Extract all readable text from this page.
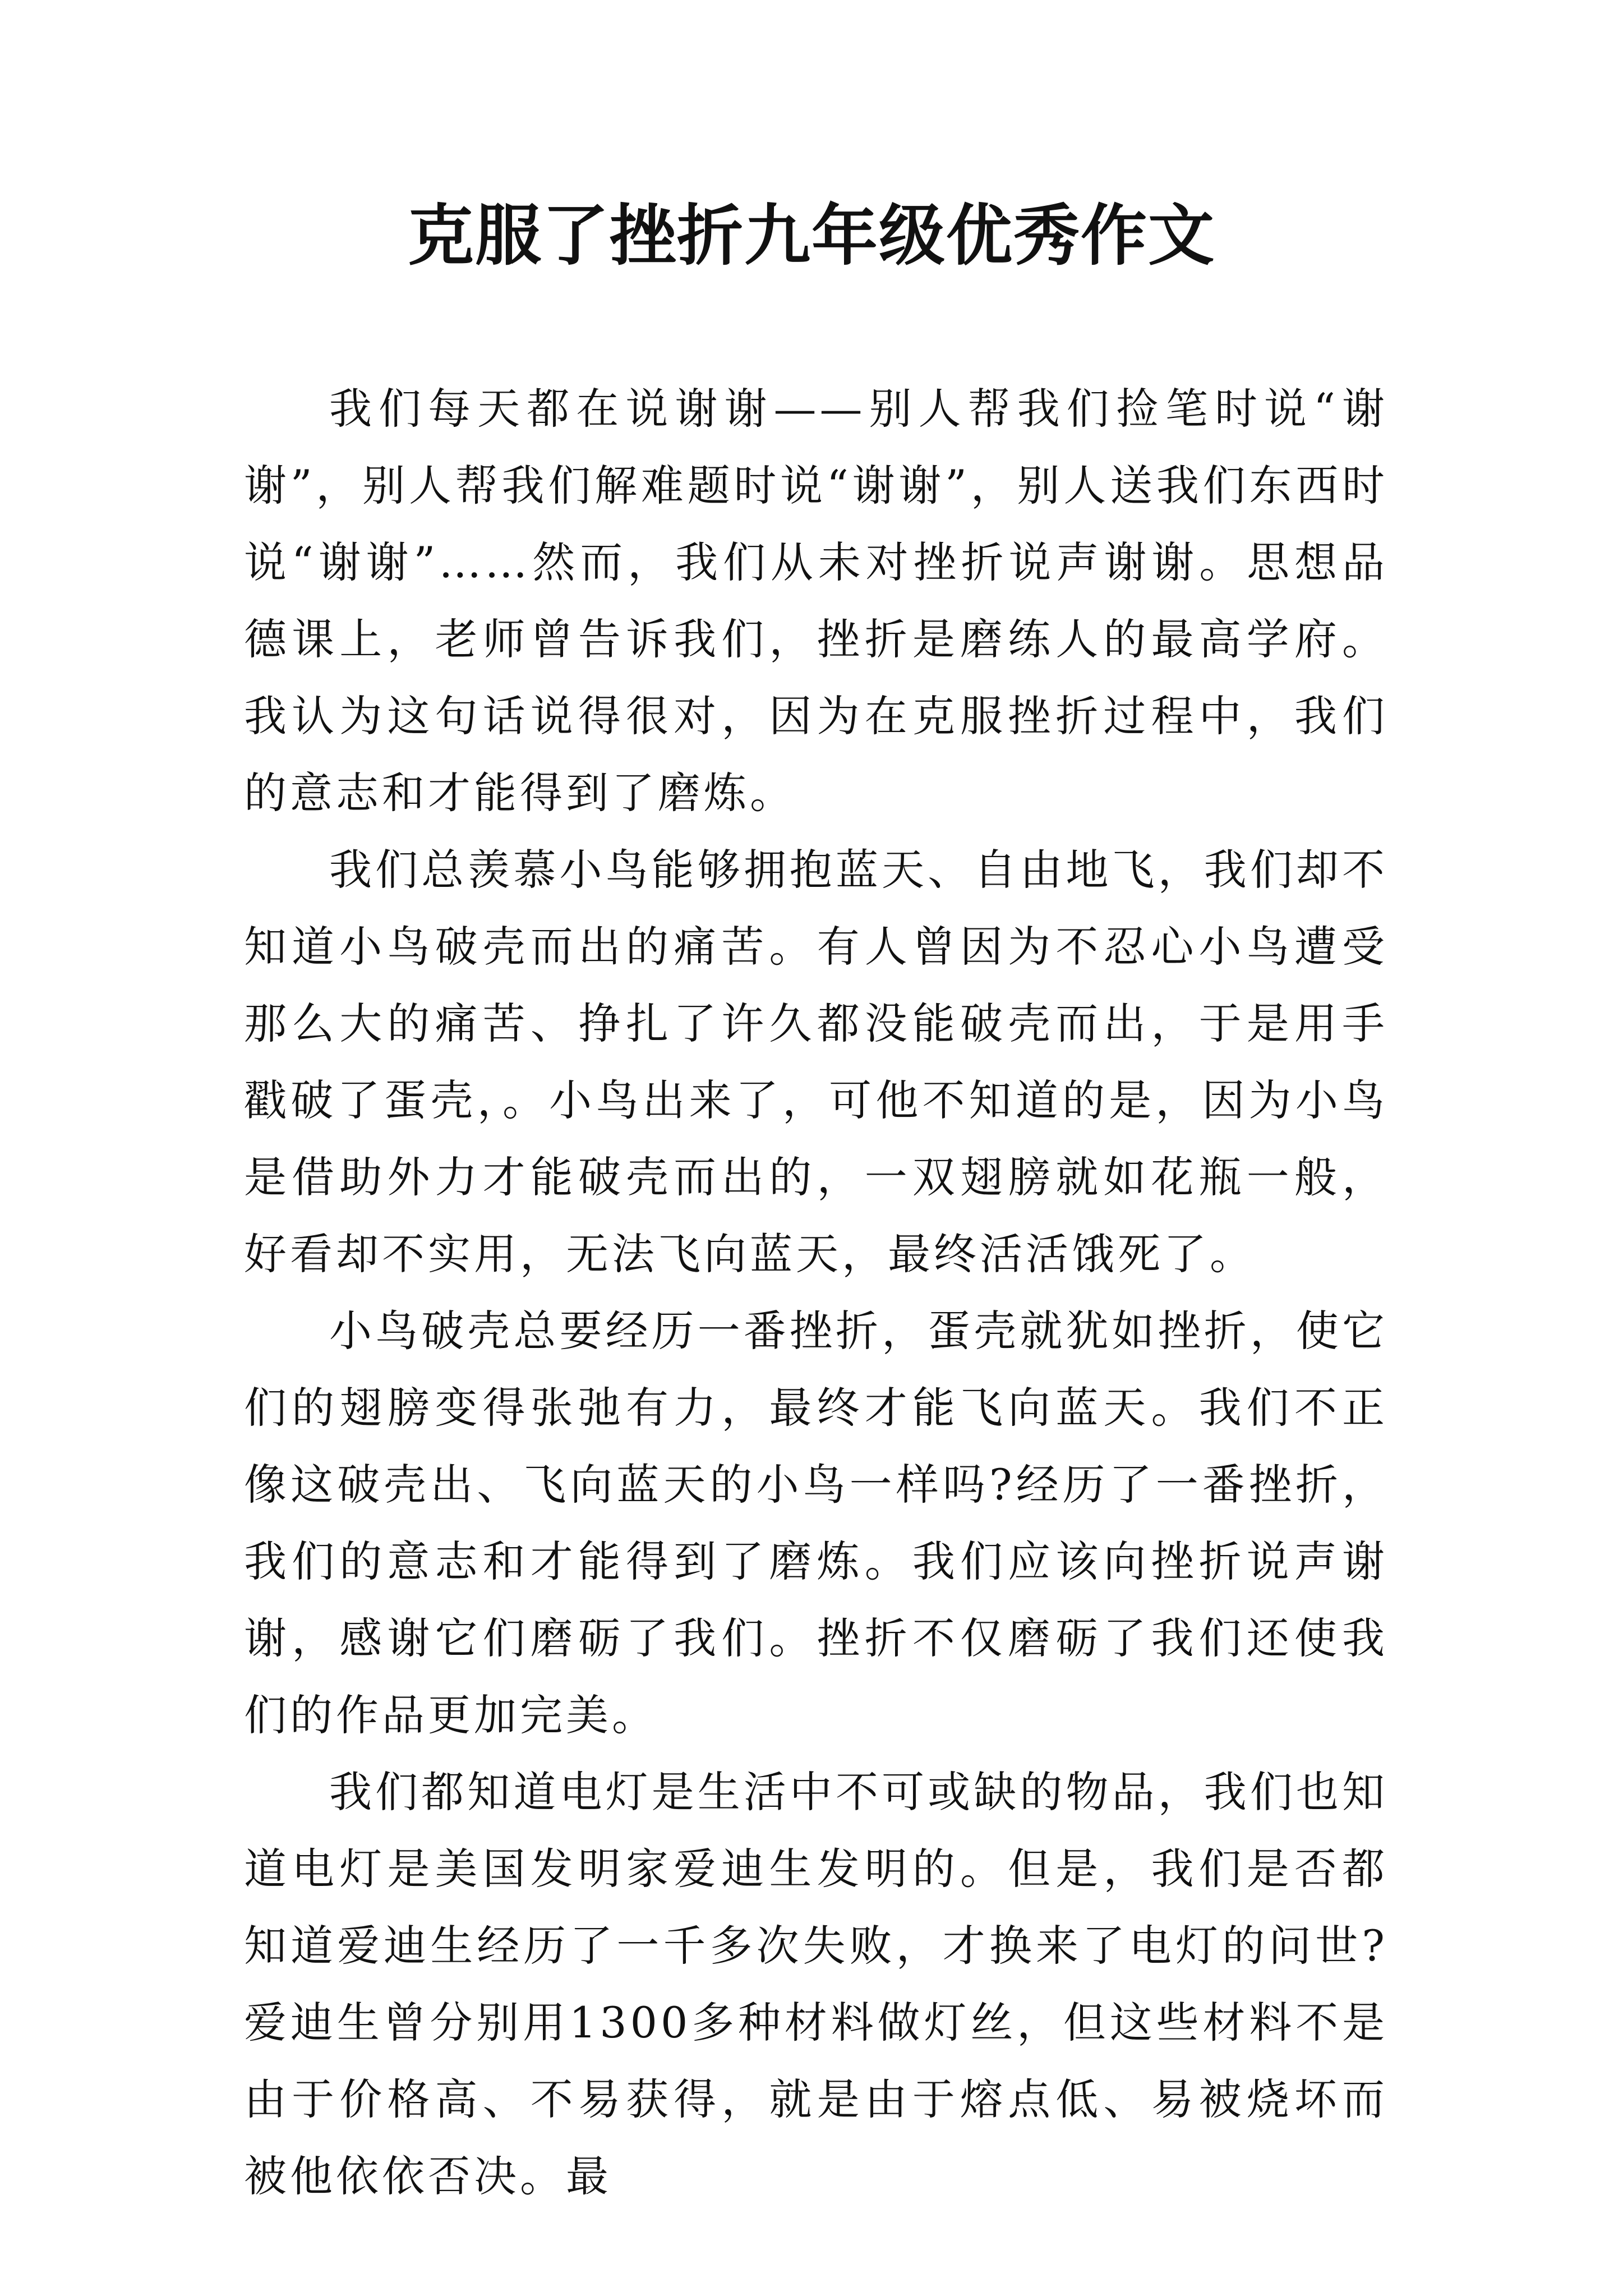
克服了挫折九年级优秀作文

我们每天都在说谢谢——别人帮我们捡笔时说“谢谢”，别人帮我们解难题时说“谢谢”，别人送我们东西时说“谢谢”……然而，我们从未对挫折说声谢谢。思想品德课上，老师曾告诉我们，挫折是磨练人的最高学府。我认为这句话说得很对，因为在克服挫折过程中，我们的意志和才能得到了磨炼。

我们总羡慕小鸟能够拥抱蓝天、自由地飞，我们却不知道小鸟破壳而出的痛苦。有人曾因为不忍心小鸟遭受那么大的痛苦、挣扎了许久都没能破壳而出，于是用手戳破了蛋壳，。小鸟出来了，可他不知道的是，因为小鸟是借助外力才能破壳而出的，一双翅膀就如花瓶一般，好看却不实用，无法飞向蓝天，最终活活饿死了。

小鸟破壳总要经历一番挫折，蛋壳就犹如挫折，使它们的翅膀变得张弛有力，最终才能飞向蓝天。我们不正像这破壳出、飞向蓝天的小鸟一样吗?经历了一番挫折，我们的意志和才能得到了磨炼。我们应该向挫折说声谢谢，感谢它们磨砺了我们。挫折不仅磨砺了我们还使我们的作品更加完美。

我们都知道电灯是生活中不可或缺的物品，我们也知道电灯是美国发明家爱迪生发明的。但是，我们是否都知道爱迪生经历了一千多次失败，才换来了电灯的问世?爱迪生曾分别用1300多种材料做灯丝，但这些材料不是由于价格高、不易获得，就是由于熔点低、易被烧坏而被他依依否决。最
